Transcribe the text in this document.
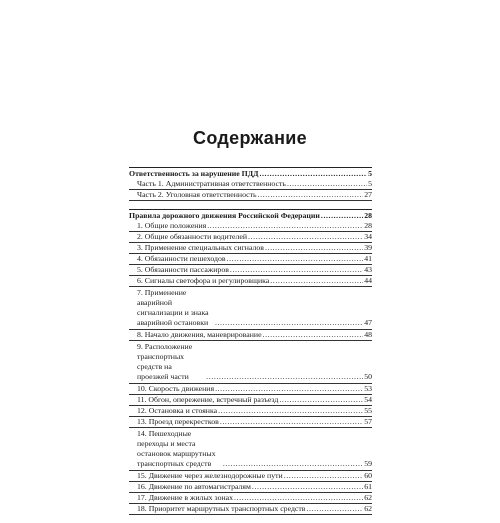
Содержание
Ответственность за нарушение ПДД .....	5
Часть 1. Административная ответственность .....	5
Часть 2. Уголовная ответственность .....	27
Правила дорожного движения Российской Федерации .....	28
1. Общие положения .....	28
2. Общие обязанности водителей .....	34
3. Применение специальных сигналов .....	39
4. Обязанности пешеходов .....	41
5. Обязанности пассажиров .....	43
6. Сигналы светофора и регулировщика .....	44
7. Применение аварийной сигнализации и знака аварийной остановки .....	47
8. Начало движения, маневрирование .....	48
9. Расположение транспортных средств на проезжей части .....	50
10. Скорость движения .....	53
11. Обгон, опережение, встречный разъезд .....	54
12. Остановка и стоянка .....	55
13. Проезд перекрестков .....	57
14. Пешеходные переходы и места остановок маршрутных транспортных средств .....	59
15. Движение через железнодорожные пути .....	60
16. Движение по автомагистралям .....	61
17. Движение в жилых зонах .....	62
18. Приоритет маршрутных транспортных средств .....	62
